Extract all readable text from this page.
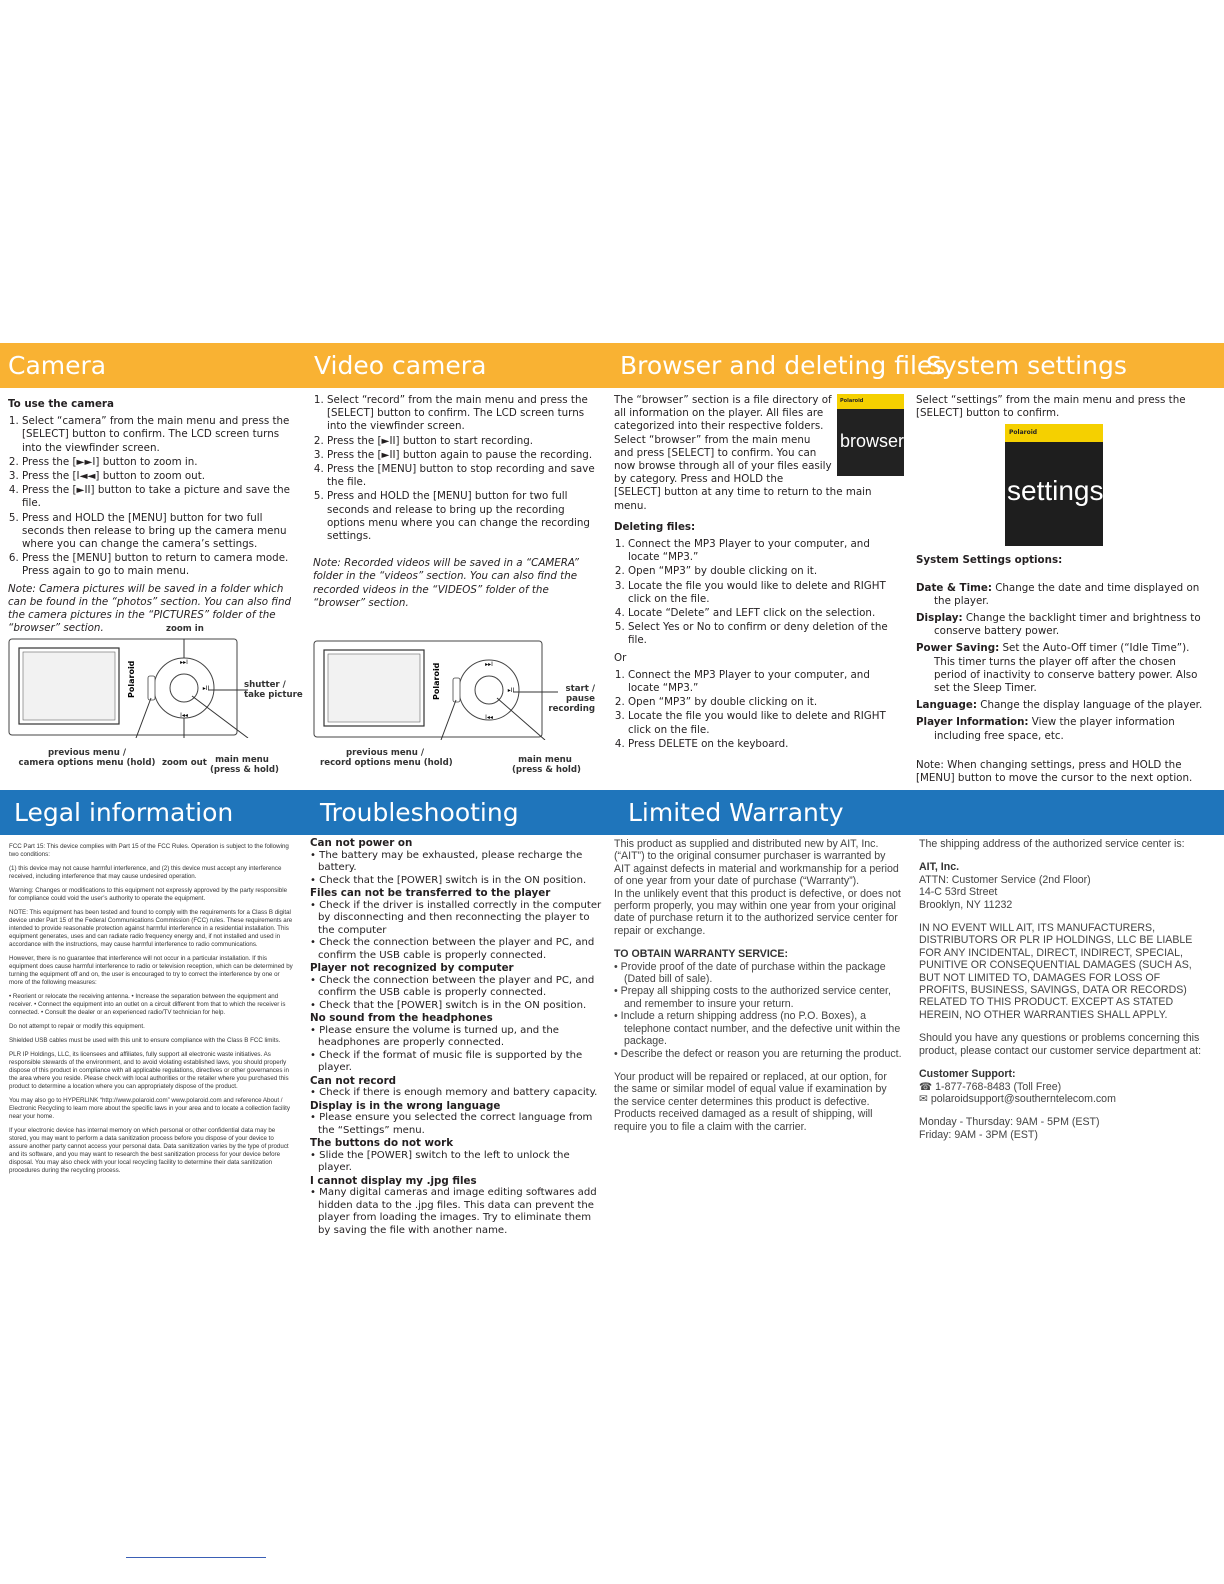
Camera	Video camera	Browser and deleting files
System settings
Legal information	Troubleshooting	Limited Warranty

To use the camera

1. Select “camera” from the main menu and press the [SELECT] button to confirm. The LCD screen turns into the viewfinder screen.
2. Press the [►►I] button to zoom in.
3. Press the [I◄◄] button to zoom out.
4. Press the [►II] button to take a picture and save the file.
5. Press and HOLD the [MENU] button for two full seconds then release to bring up the camera menu where you can change the camera’s settings.
6. Press the [MENU] button to return to camera mode. Press again to go to main menu.

Note: Camera pictures will be saved in a folder which can be found in the “photos” section. You can also find the camera pictures in the “PICTURES” folder of the “browser” section.

▸▸I
I◂◂
▸II
Polaroid
zoom in
shutter /
take picture
previous menu /
camera options menu (hold) zoom out main menu
(press & hold)
1. Select “record” from the main menu and press the [SELECT] button to confirm. The LCD screen turns into the viewfinder screen.
2. Press the [►II] button to start recording.
3. Press the [►II] button again to pause the recording.
4. Press the [MENU] button to stop recording and save the file.
5. Press and HOLD the [MENU] button for two full seconds and release to bring up the recording options menu where you can change the recording settings.

Note: Recorded videos will be saved in a “CAMERA” folder in the “videos” section. You can also find the recorded videos in the “VIDEOS” folder of the “browser” section.

▸▸I
I◂◂
▸II
Polaroid	start /
pause
recording
previous menu /
record options menu (hold)	main menu
(press & hold)
Polaroid
browser

The “browser” section is a file directory of all information on the player. All files are categorized into their respective folders. Select “browser” from the main menu and press [SELECT] to confirm. You can now browse through all of your files easily by category. Press and HOLD the [SELECT] button at any time to return to the main menu.

Deleting files:

1. Connect the MP3 Player to your computer, and locate “MP3.”
2. Open “MP3” by double clicking on it.
3. Locate the file you would like to delete and RIGHT click on the file.
4. Locate “Delete” and LEFT click on the selection.
5. Select Yes or No to confirm or deny deletion of the file.

Or

1. Connect the MP3 Player to your computer, and locate “MP3.”
2. Open “MP3” by double clicking on it.
3. Locate the file you would like to delete and RIGHT click on the file.
4. Press DELETE on the keyboard.

Select “settings” from the main menu and press the [SELECT] button to confirm.

Polaroid
settings

System Settings options:

Date & Time: Change the date and time displayed on the player.

Display: Change the backlight timer and brightness to conserve battery power.

Power Saving: Set the Auto-Off timer (“Idle Time”). This timer turns the player off after the chosen period of inactivity to conserve battery power. Also set the Sleep Timer.

Language: Change the display language of the player.

Player Information: View the player information including free space, etc.

Note: When changing settings, press and HOLD the [MENU] button to move the cursor to the next option.

FCC Part 15: This device complies with Part 15 of the FCC Rules. Operation is subject to the following two conditions:

(1) this device may not cause harmful interference, and (2) this device must accept any interference received, including interference that may cause undesired operation.

Warning: Changes or modifications to this equipment not expressly approved by the party responsible for compliance could void the user’s authority to operate the equipment.

NOTE: This equipment has been tested and found to comply with the requirements for a Class B digital device under Part 15 of the Federal Communications Commission (FCC) rules. These requirements are intended to provide reasonable protection against harmful interference in a residential installation. This equipment generates, uses and can radiate radio frequency energy and, if not installed and used in accordance with the instructions, may cause harmful interference to radio communications.

However, there is no guarantee that interference will not occur in a particular installation. If this equipment does cause harmful interference to radio or television reception, which can be determined by turning the equipment off and on, the user is encouraged to try to correct the interference by one or more of the following measures:

• Reorient or relocate the receiving antenna. • Increase the separation between the equipment and receiver. • Connect the equipment into an outlet on a circuit different from that to which the receiver is connected. • Consult the dealer or an experienced radio/TV technician for help.

Do not attempt to repair or modify this equipment.

Shielded USB cables must be used with this unit to ensure compliance with the Class B FCC limits.

PLR IP Holdings, LLC, its licensees and affiliates, fully support all electronic waste initiatives. As responsible stewards of the environment, and to avoid violating established laws, you should properly dispose of this product in compliance with all applicable regulations, directives or other governances in the area where you reside. Please check with local authorities or the retailer where you purchased this product to determine a location where you can appropriately dispose of the product.

You may also go to HYPERLINK “http://www.polaroid.com” www.polaroid.com and reference About / Electronic Recycling to learn more about the specific laws in your area and to locate a collection facility near your home.

If your electronic device has internal memory on which personal or other confidential data may be stored, you may want to perform a data sanitization process before you dispose of your device to assure another party cannot access your personal data. Data sanitization varies by the type of product and its software, and you may want to research the best sanitization process for your device before disposal. You may also check with your local recycling facility to determine their data sanitization procedures during the recycling process.

Can not power on

• The battery may be exhausted, please recharge the battery.

• Check that the [POWER] switch is in the ON position.

Files can not be transferred to the player

• Check if the driver is installed correctly in the computer by disconnecting and then reconnecting the player to the computer

• Check the connection between the player and PC, and confirm the USB cable is properly connected.

Player not recognized by computer

• Check the connection between the player and PC, and confirm the USB cable is properly connected.

• Check that the [POWER] switch is in the ON position.

No sound from the headphones

• Please ensure the volume is turned up, and the headphones are properly connected.

• Check if the format of music file is supported by the player.

Can not record

• Check if there is enough memory and battery capacity.

Display is in the wrong language

• Please ensure you selected the correct language from the “Settings” menu.

The buttons do not work

• Slide the [POWER] switch to the left to unlock the player.

I cannot display my .jpg files

• Many digital cameras and image editing softwares add hidden data to the .jpg files. This data can prevent the player from loading the images. Try to eliminate them by saving the file with another name.

This product as supplied and distributed new by AIT, Inc. (“AIT”) to the original consumer purchaser is warranted by AIT against defects in material and workmanship for a period of one year from your date of purchase (“Warranty”).

In the unlikely event that this product is defective, or does not perform properly, you may within one year from your original date of purchase return it to the authorized service center for repair or exchange.

TO OBTAIN WARRANTY SERVICE:

• Provide proof of the date of purchase within the package (Dated bill of sale).

• Prepay all shipping costs to the authorized service center, and remember to insure your return.

• Include a return shipping address (no P.O. Boxes), a telephone contact number, and the defective unit within the package.

• Describe the defect or reason you are returning the product.

Your product will be repaired or replaced, at our option, for the same or similar model of equal value if examination by the service center determines this product is defective. Products received damaged as a result of shipping, will require you to file a claim with the carrier.

The shipping address of the authorized service center is:

AIT, Inc.

ATTN: Customer Service (2nd Floor)

14-C 53rd Street

Brooklyn, NY 11232

IN NO EVENT WILL AIT, ITS MANUFACTURERS, DISTRIBUTORS OR PLR IP HOLDINGS, LLC BE LIABLE FOR ANY INCIDENTAL, DIRECT, INDIRECT, SPECIAL, PUNITIVE OR CONSEQUENTIAL DAMAGES (SUCH AS, BUT NOT LIMITED TO, DAMAGES FOR LOSS OF PROFITS, BUSINESS, SAVINGS, DATA OR RECORDS) RELATED TO THIS PRODUCT. EXCEPT AS STATED HEREIN, NO OTHER WARRANTIES SHALL APPLY.

Should you have any questions or problems concerning this product, please contact our customer service department at:

Customer Support:

☎ 1-877-768-8483 (Toll Free)

✉ polaroidsupport@southerntelecom.com

Monday - Thursday: 9AM - 5PM (EST)

Friday: 9AM - 3PM (EST)
